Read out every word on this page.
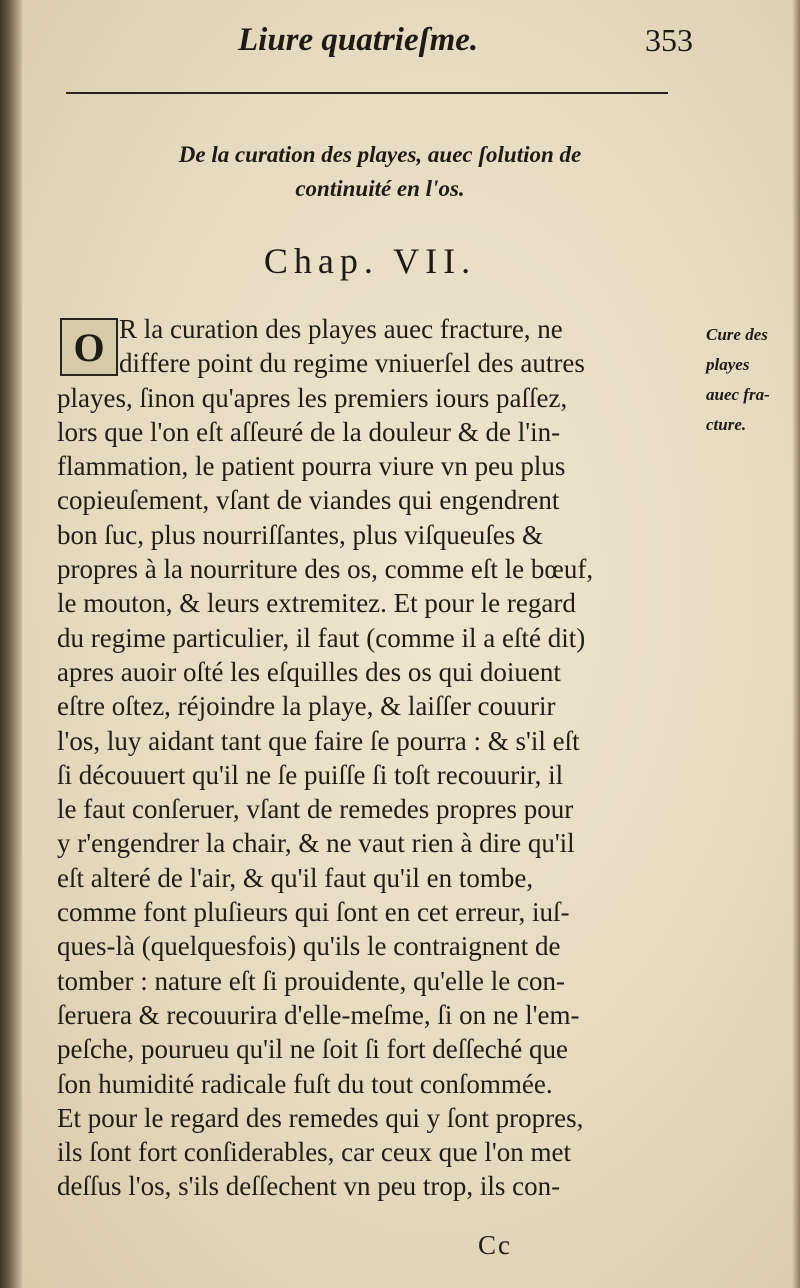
Liure quatrieſme.	353
De la curation des playes, auec ſolution de
continuité en l'os.
Chap. VII.
O R la curation des playes auec fracture, ne
differe point du regime vniuerſel des autres
playes, ſinon qu'apres les premiers iours paſſez,
lors que l'on eſt aſſeuré de la douleur & de l'in-
flammation, le patient pourra viure vn peu plus
copieuſement, vſant de viandes qui engendrent
bon ſuc, plus nourriſſantes, plus viſqueuſes &
propres à la nourriture des os, comme eſt le bœuf,
le mouton, & leurs extremitez. Et pour le regard
du regime particulier, il faut (comme il a eſté dit)
apres auoir oſté les eſquilles des os qui doiuent
eſtre oſtez, réjoindre la playe, & laiſſer couurir
l'os, luy aidant tant que faire ſe pourra : & s'il eſt
ſi découuert qu'il ne ſe puiſſe ſi toſt recouurir, il
le faut conſeruer, vſant de remedes propres pour
y r'engendrer la chair, & ne vaut rien à dire qu'il
eſt alteré de l'air, & qu'il faut qu'il en tombe,
comme font pluſieurs qui ſont en cet erreur, iuſ-
ques-là (quelquesfois) qu'ils le contraignent de
tomber : nature eſt ſi prouidente, qu'elle le con-
ſeruera & recouurira d'elle-meſme, ſi on ne l'em-
peſche, pourueu qu'il ne ſoit ſi fort deſſeché que
ſon humidité radicale fuſt du tout conſommée.
Et pour le regard des remedes qui y ſont propres,
ils ſont fort conſiderables, car ceux que l'on met
deſſus l'os, s'ils deſſechent vn peu trop, ils con-
Cure des
playes
auec fra-
cture.
Cc
